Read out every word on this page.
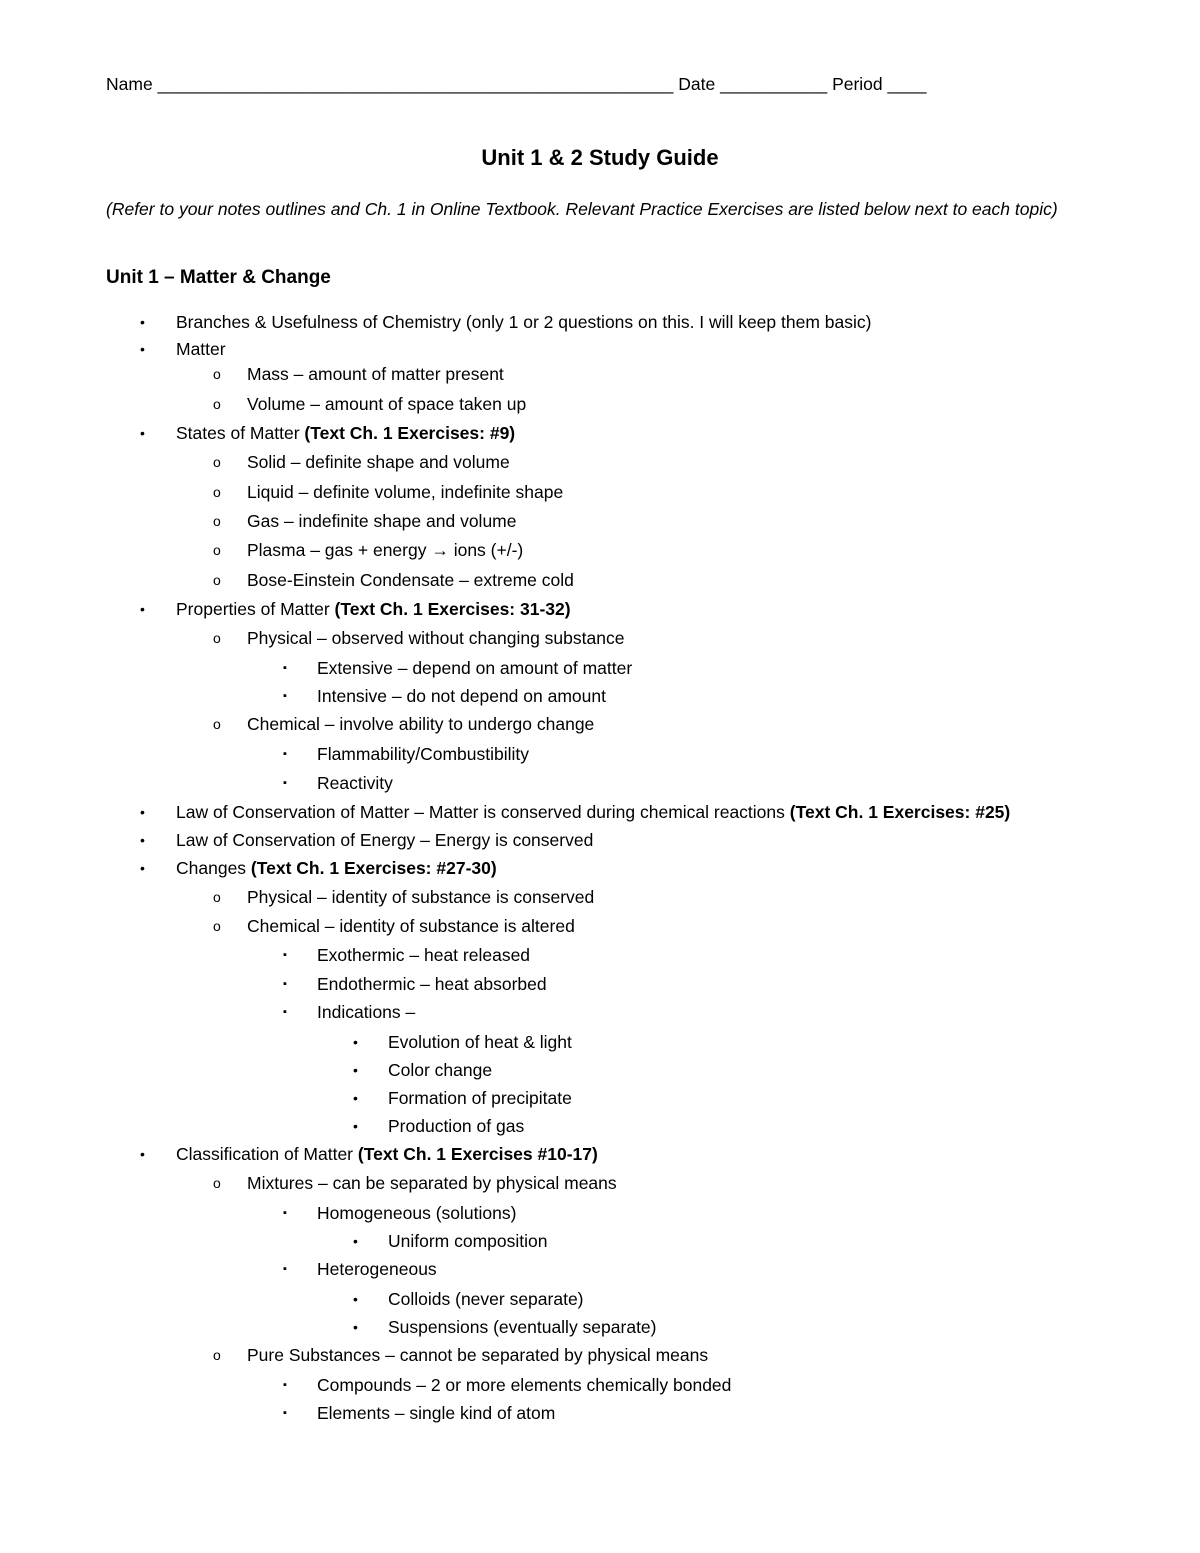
Name _____________________________________________________ Date ___________ Period ____
Unit 1 & 2 Study Guide
(Refer to your notes outlines and Ch. 1 in Online Textbook. Relevant Practice Exercises are listed below next to each topic)
Unit 1 – Matter & Change
• Branches & Usefulness of Chemistry (only 1 or 2 questions on this. I will keep them basic)
• Matter
o Mass – amount of matter present
o Volume – amount of space taken up
• States of Matter (Text Ch. 1 Exercises: #9)
o Solid – definite shape and volume
o Liquid – definite volume, indefinite shape
o Gas – indefinite shape and volume
o Plasma – gas + energy → ions (+/-)
o Bose-Einstein Condensate – extreme cold
• Properties of Matter (Text Ch. 1 Exercises: 31-32)
o Physical – observed without changing substance
▪ Extensive – depend on amount of matter
▪ Intensive – do not depend on amount
o Chemical – involve ability to undergo change
▪ Flammability/Combustibility
▪ Reactivity
• Law of Conservation of Matter – Matter is conserved during chemical reactions (Text Ch. 1 Exercises: #25)
• Law of Conservation of Energy – Energy is conserved
• Changes (Text Ch. 1 Exercises: #27-30)
o Physical – identity of substance is conserved
o Chemical – identity of substance is altered
▪ Exothermic – heat released
▪ Endothermic – heat absorbed
▪ Indications –
• Evolution of heat & light
• Color change
• Formation of precipitate
• Production of gas
• Classification of Matter (Text Ch. 1 Exercises #10-17)
o Mixtures – can be separated by physical means
▪ Homogeneous (solutions)
• Uniform composition
▪ Heterogeneous
• Colloids (never separate)
• Suspensions (eventually separate)
o Pure Substances – cannot be separated by physical means
▪ Compounds – 2 or more elements chemically bonded
▪ Elements – single kind of atom
